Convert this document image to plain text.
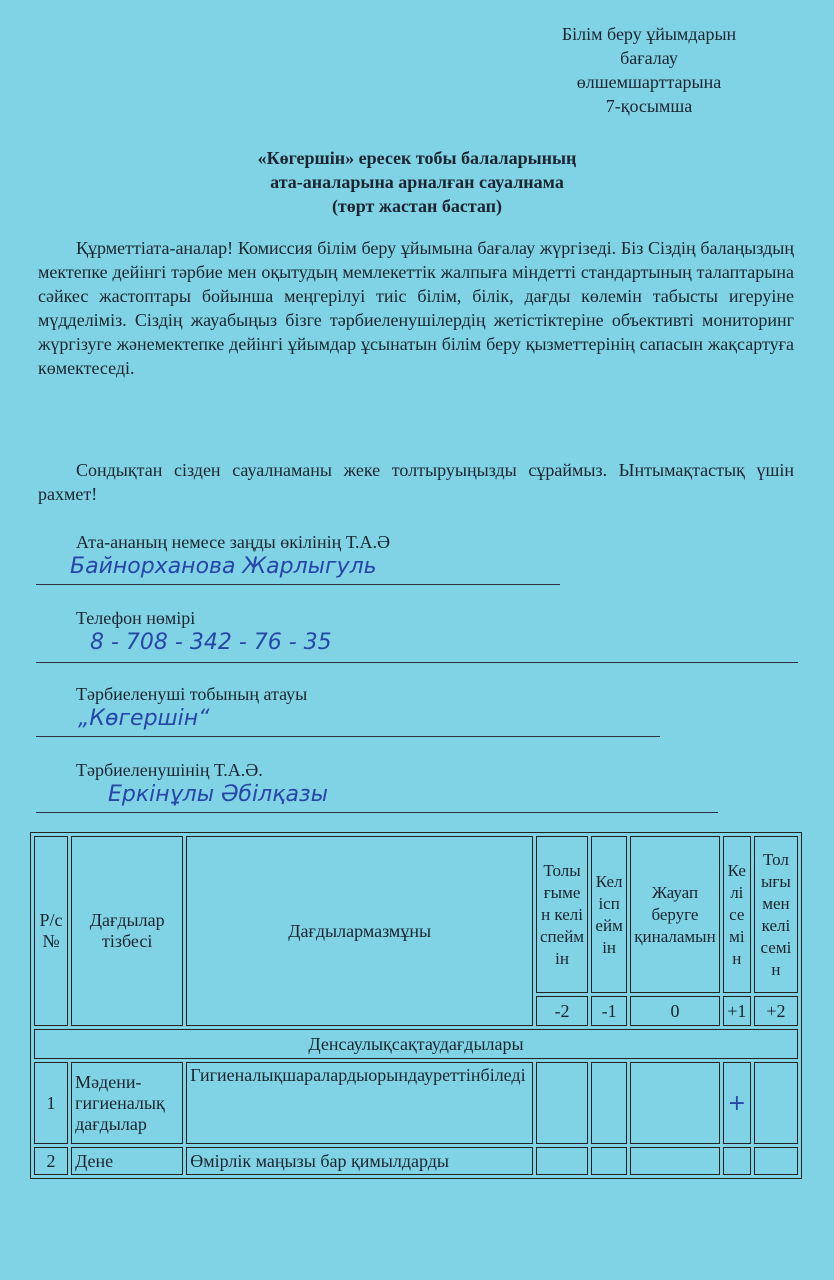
Білім беру ұйымдарын
бағалау
өлшемшарттарына
7-қосымша
«Көгершін» ересек тобы балаларының
ата-аналарына арналған сауалнама
(төрт жастан бастап)
Құрметтіата-аналар! Комиссия білім беру ұйымына бағалау жүргізеді. Біз Сіздің балаңыздың мектепке дейінгі тәрбие мен оқытудың мемлекеттік жалпыға міндетті стандартының талаптарына сәйкес жастоптары бойынша меңгерілуі тиіс білім, білік, дағды көлемін табысты игеруіне мүдделіміз. Сіздің жауабыңыз бізге тәрбиеленушілердің жетістіктеріне объективті мониторинг жүргізуге жәнемектепке дейінгі ұйымдар ұсынатын білім беру қызметтерінің сапасын жақсартуға көмектеседі.
Сондықтан сізден сауалнаманы жеке толтыруыңызды сұраймыз. Ынтымақтастық үшін рахмет!
Ата-ананың немесе заңды өкілінің Т.А.Ә
Байнорханова Жарлыгуль
Телефон нөмірі
8 - 708 - 342 - 76 - 35
Тәрбиеленуші тобының атауы
„Көгершін“
Тәрбиеленушінің Т.А.Ә.
Еркінұлы Әбілқазы
Р/с №	Дағдылар тізбесі	Дағдылармазмұны	Толығымен келіспеймін	Келіспеймін	Жауап беруге қиналамын	Келісемін	Толығымен келісемін
			-2	-1	0	+1	+2
Денсаулықсақтаудағдылары							
1	Мәдени-гигиеналық дағдылар	Гигиеналықшаралардыорындауреттінбіледі				+	
2	Дене	Өмірлік маңызы бар қимылдарды					
